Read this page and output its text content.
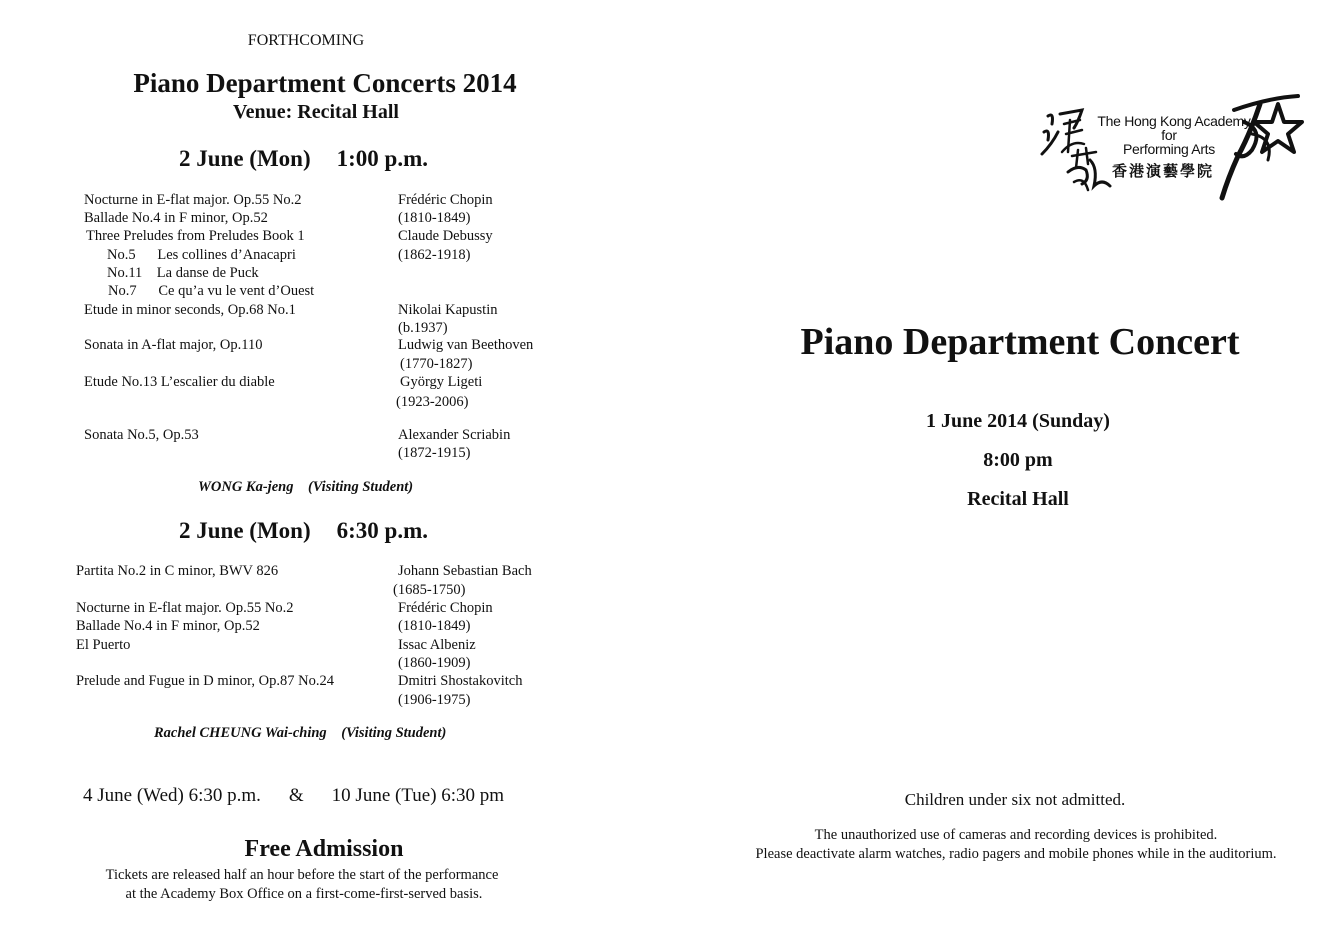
FORTHCOMING
Piano Department Concerts 2014
Venue: Recital Hall
2 June (Mon) 1:00 p.m.
Nocturne in E-flat major. Op.55 No.2	Frédéric Chopin
Ballade No.4 in F minor, Op.52	(1810-1849)
Three Preludes from Preludes Book 1	Claude Debussy
No.5      Les collines d’Anacapri	(1862-1918)
No.11    La danse de Puck
No.7      Ce qu’a vu le vent d’Ouest
Etude in minor seconds, Op.68 No.1	Nikolai Kapustin
(b.1937)
Sonata in A-flat major, Op.110	Ludwig van Beethoven
(1770-1827)
Etude No.13 L’escalier du diable	György Ligeti
(1923-2006)
Sonata No.5, Op.53	Alexander Scriabin
(1872-1915)
WONG Ka-jeng (Visiting Student)
2 June (Mon) 6:30 p.m.
Partita No.2 in C minor, BWV 826	Johann Sebastian Bach
(1685-1750)
Nocturne in E-flat major. Op.55 No.2	Frédéric Chopin
Ballade No.4 in F minor, Op.52	(1810-1849)
El Puerto	Issac Albeniz
(1860-1909)
Prelude and Fugue in D minor, Op.87 No.24	Dmitri Shostakovitch
(1906-1975)
Rachel CHEUNG Wai-ching (Visiting Student)
4 June (Wed) 6:30 p.m. & 10 June (Tue) 6:30 pm
Free Admission
Tickets are released half an hour before the start of the performance
at the Academy Box Office on a first-come-first-served basis.
The Hong Kong Academy
for
Performing Arts
香港演藝學院
Piano Department Concert
1 June 2014 (Sunday)
8:00 pm
Recital Hall
Children under six not admitted.
The unauthorized use of cameras and recording devices is prohibited.
Please deactivate alarm watches, radio pagers and mobile phones while in the auditorium.
